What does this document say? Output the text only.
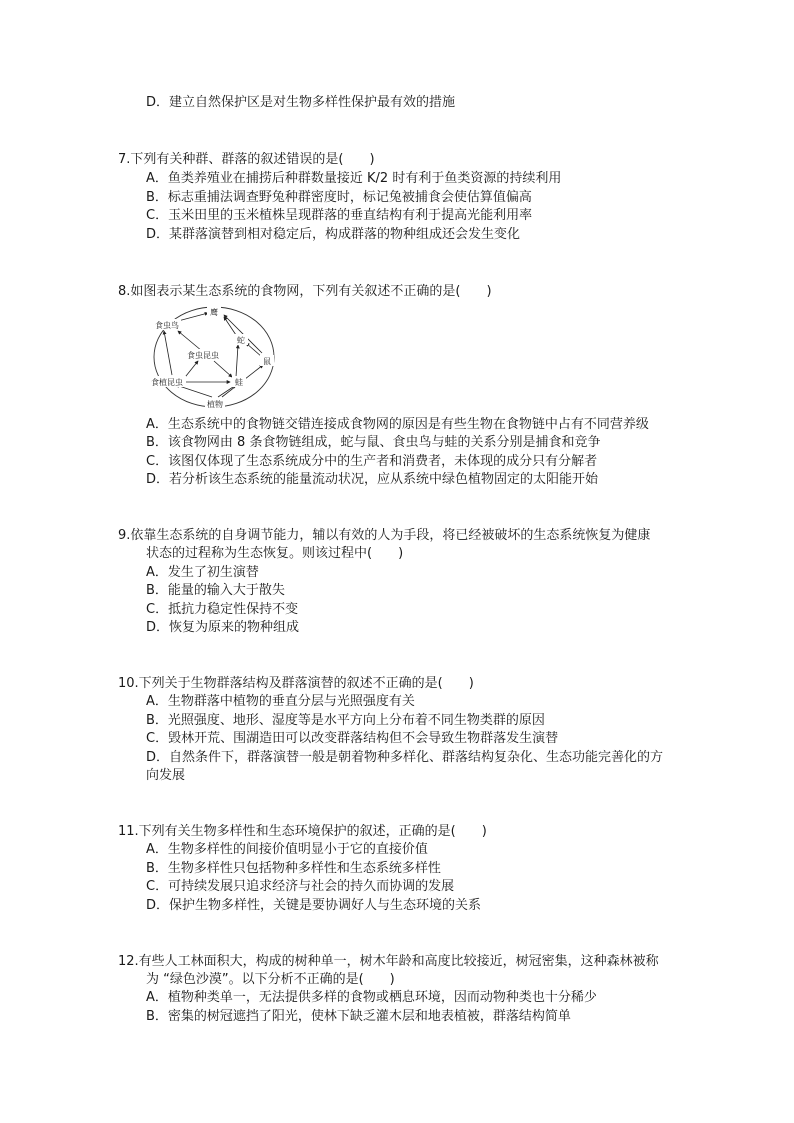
D．建立自然保护区是对生物多样性保护最有效的措施
7.下列有关种群、群落的叙述错误的是(　　)
A．鱼类养殖业在捕捞后种群数量接近 K/2 时有利于鱼类资源的持续利用
B．标志重捕法调查野兔种群密度时，标记兔被捕食会使估算值偏高
C．玉米田里的玉米植株呈现群落的垂直结构有利于提高光能利用率
D．某群落演替到相对稳定后，构成群落的物种组成还会发生变化
8.如图表示某生态系统的食物网，下列有关叙述不正确的是(　　)
鹰
食虫鸟
蛇
食虫昆虫
鼠
食植昆虫	蛙
植物
A．生态系统中的食物链交错连接成食物网的原因是有些生物在食物链中占有不同营养级
B．该食物网由 8 条食物链组成，蛇与鼠、食虫鸟与蛙的关系分别是捕食和竞争
C．该图仅体现了生态系统成分中的生产者和消费者，未体现的成分只有分解者
D．若分析该生态系统的能量流动状况，应从系统中绿色植物固定的太阳能开始
9.依靠生态系统的自身调节能力，辅以有效的人为手段，将已经被破坏的生态系统恢复为健康
状态的过程称为生态恢复。则该过程中(　　)
A．发生了初生演替
B．能量的输入大于散失
C．抵抗力稳定性保持不变
D．恢复为原来的物种组成
10.下列关于生物群落结构及群落演替的叙述不正确的是(　　)
A．生物群落中植物的垂直分层与光照强度有关
B．光照强度、地形、湿度等是水平方向上分布着不同生物类群的原因
C．毁林开荒、围湖造田可以改变群落结构但不会导致生物群落发生演替
D．自然条件下，群落演替一般是朝着物种多样化、群落结构复杂化、生态功能完善化的方
向发展
11.下列有关生物多样性和生态环境保护的叙述，正确的是(　　)
A．生物多样性的间接价值明显小于它的直接价值
B．生物多样性只包括物种多样性和生态系统多样性
C．可持续发展只追求经济与社会的持久而协调的发展
D．保护生物多样性，关键是要协调好人与生态环境的关系
12.有些人工林面积大，构成的树种单一，树木年龄和高度比较接近，树冠密集，这种森林被称
为 “绿色沙漠”。以下分析不正确的是(　　)
A．植物种类单一，无法提供多样的食物或栖息环境，因而动物种类也十分稀少
B．密集的树冠遮挡了阳光，使林下缺乏灌木层和地表植被，群落结构简单
